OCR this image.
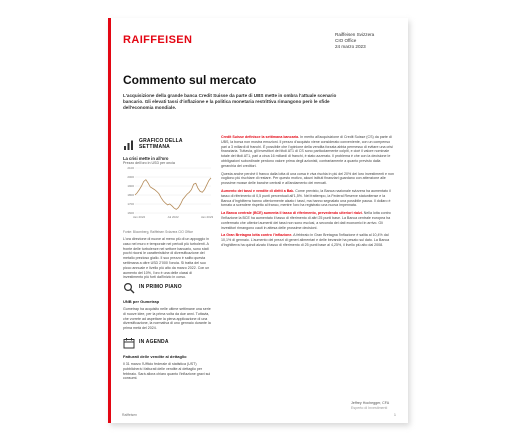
RAIFFEISEN	Raiffeisen Svizzera
CIO Office
24 marzo 2023
Commento sul mercato
L'acquisizione della grande banca Credit Suisse da parte di UBS mette in ombra l'attuale scenario bancario. Gli elevati tassi d'inflazione e la politica monetaria restrittiva rimangono però le sfide dell'economia mondiale.
GRAFICO DELLA SETTIMANA
La crisi mette in all'oro
Prezzo dell'oro in USD per oncia
2100
2000
1900
1800
1700
1600
Jan 2022	Jul 2022	Jan 2023
Fonte: Bloomberg, Raiffeisen Svizzera CIO Office

L'ora direzione di nuove al meno più di un appoggio in caso nel muro e temporale nei periodi più turbolenti. A fronte delle turbolenze nel settore bancario, sono stati pochi ricorsi le caratteristiche di diversificazione del metallo prezioso giallo. Il suo prezzo è salito questa settimana a oltre USD 2'000 l'oncia. Si tratta del suo picco annuale e livello più alto da marzo 2022. Con un aumento del 10%, l'oro è una delle classi di investimento più forti dall'inizio in corso.

IN PRIMO PIANO
UNB per Gumetrap

Gumetrap ha acquisito nelle ultime settimane una serie di nuove idee, per la prima volta da due anni. Tuttavia, che vorrete ad aspettare la piena applicazione di una diversificazione, la normativa di uno gennaio durante la prima metà del 2024.

IN AGENDA
Fatturati delle vendite al dettaglio

Il 31 marzo l'Ufficio federale di statistica (UST) pubblicherà i fatturati delle vendite al dettaglio per febbraio. Sarà allora chiaro quanto l'inflazione gravi sui consumi.

Credit Suisse definisce la settimana bancaria. In merito all'acquisizione di Credit Suisse (CS) da parte di UBS, la borsa non mostra emozioni. Il prezzo d'acquisto viene considerato conveniente, con un compenso pari a 3 miliardi di franchi. È possibile che l'opinione della vendita forzata abbia permesso di evitare una crisi finanziaria. Tuttavia, gli investitori dei titoli AT1 di CS sono particolarmente colpiti, e cioè il valore nominale totale dei titoli AT1, pari a circa 16 miliardi di franchi, è stato azzerato. Il problema è che con la decisione le obbligazioni subordinate perdono valore prima degli azionisti, contrariamente a quanto previsto dalla gerarchia dei creditori.

Questa anche perché il franco dalla lotta di una corsa è viva rischia in più del 20% dei loro investimenti e non vogliono più rischiare di restare. Per questo motivo, alcuni istituti finanziari guardano con attenzione alle prossime mosse delle banche centrali e all'andamento dei mercati.

Aumento dei tassi e vendite di diritti a Bak. Come previsto, la Banca nazionale svizzera ha aumentato il tasso di riferimento di 0,5 punti percentuali all'1,5%. Nel frattempo, la Federal Reserve statunitense e la Banca d'Inghilterra hanno ulteriormente alzato i tassi, ma hanno segnalato una possibile pausa. Il dollaro è tornato a scendere rispetto al franco, mentre l'oro ha registrato una nuova impennata.

La Banca centrale (BCE) aumenta il tasso di riferimento, prevedendo ulteriori rialzi. Nella lotta contro l'inflazione la BCE ha aumentato il tasso di riferimento di altri 25 punti base. La Banca centrale europea ha confermato che ulteriori aumenti dei tassi non sono esclusi, a seconda dei dati economici in arrivo. Gli investitori rimangono cauti in attesa delle prossime decisioni.

La Gran Bretagna lotta contro l'inflazione. A febbraio in Gran Bretagna l'inflazione è salita al 10,4% dal 10,1% di gennaio. L'aumento dei prezzi di generi alimentari e delle bevande ha pesato sul dato. La Banca d'Inghilterra ha quindi alzato il tasso di riferimento di 25 punti base al 4,25%, il livello più alto dal 2008.

Jeffrey Hochegger, CFA
Esperto di Investimenti
Raiffeisen	1
